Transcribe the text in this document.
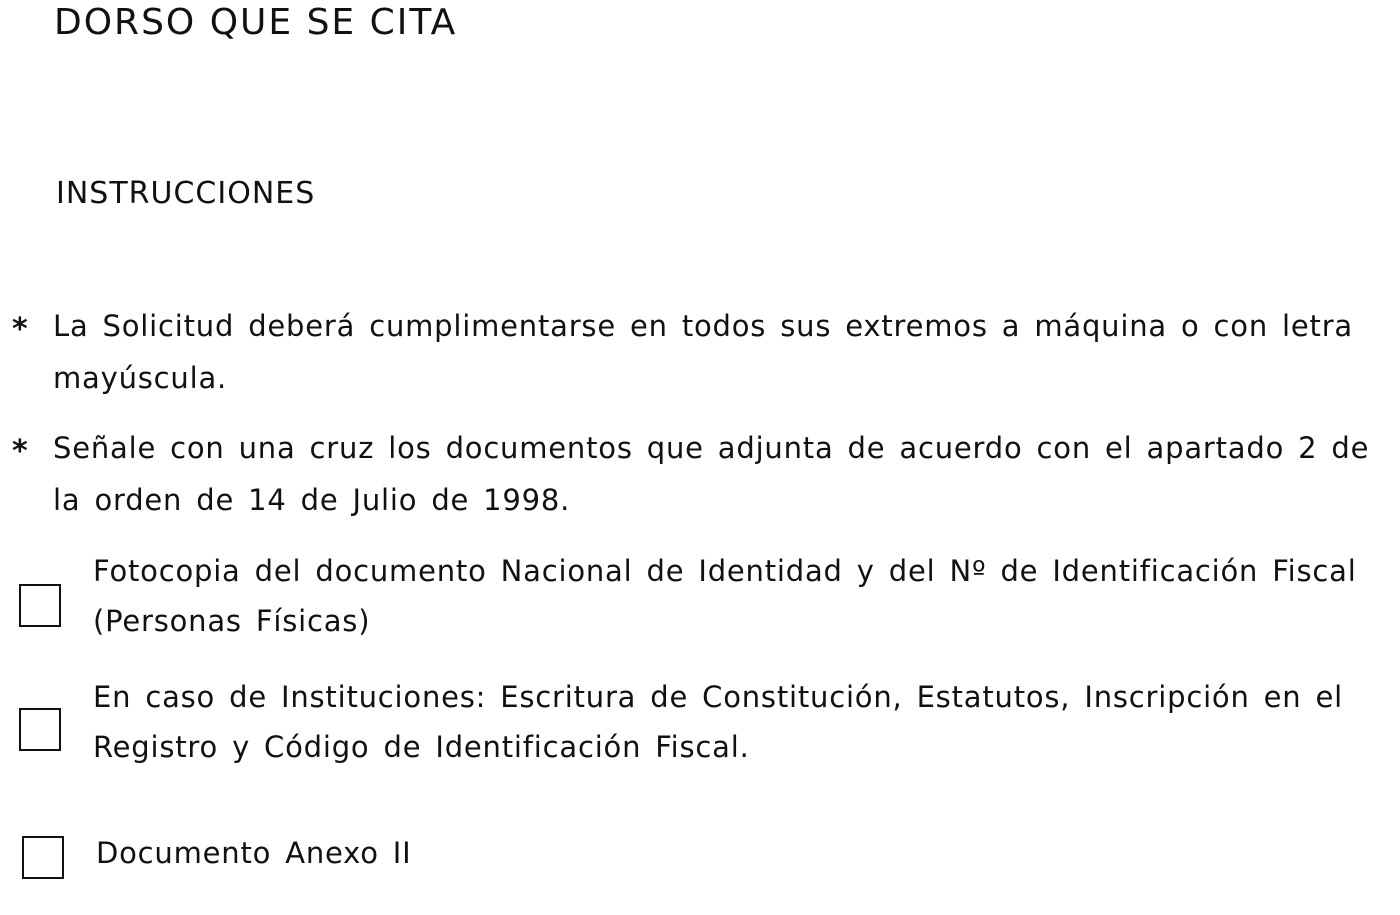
DORSO QUE SE CITA
INSTRUCCIONES
* La Solicitud deberá cumplimentarse en todos sus extremos a máquina o con letra mayúscula.
* Señale con una cruz los documentos que adjunta de acuerdo con el apartado 2 de la orden de 14 de Julio de 1998.
Fotocopia del documento Nacional de Identidad y del Nº de Identificación Fiscal (Personas Físicas)
En caso de Instituciones: Escritura de Constitución, Estatutos, Inscripción en el Registro y Código de Identificación Fiscal.
Documento Anexo II
